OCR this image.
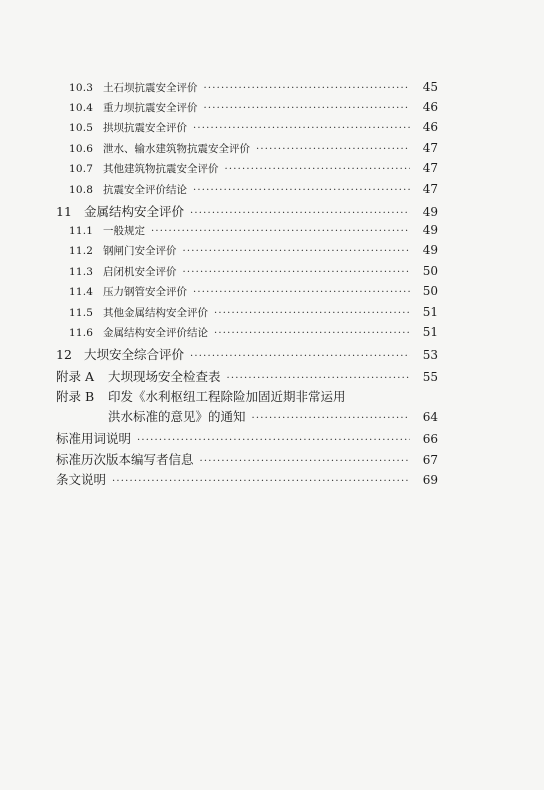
10.3 土石坝抗震安全评价 ·····	45
10.4 重力坝抗震安全评价 ·····	46
10.5 拱坝抗震安全评价 ·····	46
10.6 泄水、输水建筑物抗震安全评价 ·····	47
10.7 其他建筑物抗震安全评价 ·····	47
10.8 抗震安全评价结论 ·····	47
11 金属结构安全评价 ·····	49
11.1 一般规定 ·····	49
11.2 钢闸门安全评价 ·····	49
11.3 启闭机安全评价 ·····	50
11.4 压力钢管安全评价 ·····	50
11.5 其他金属结构安全评价 ·····	51
11.6 金属结构安全评价结论 ·····	51
12 大坝安全综合评价 ·····	53
附录 A	大坝现场安全检查表 ·····	55
附录 B	印发《水利枢纽工程除险加固近期非常运用
洪水标准的意见》的通知 ·····	64
标准用词说明 ·····	66
标准历次版本编写者信息 ·····	67
条文说明 ·····	69
